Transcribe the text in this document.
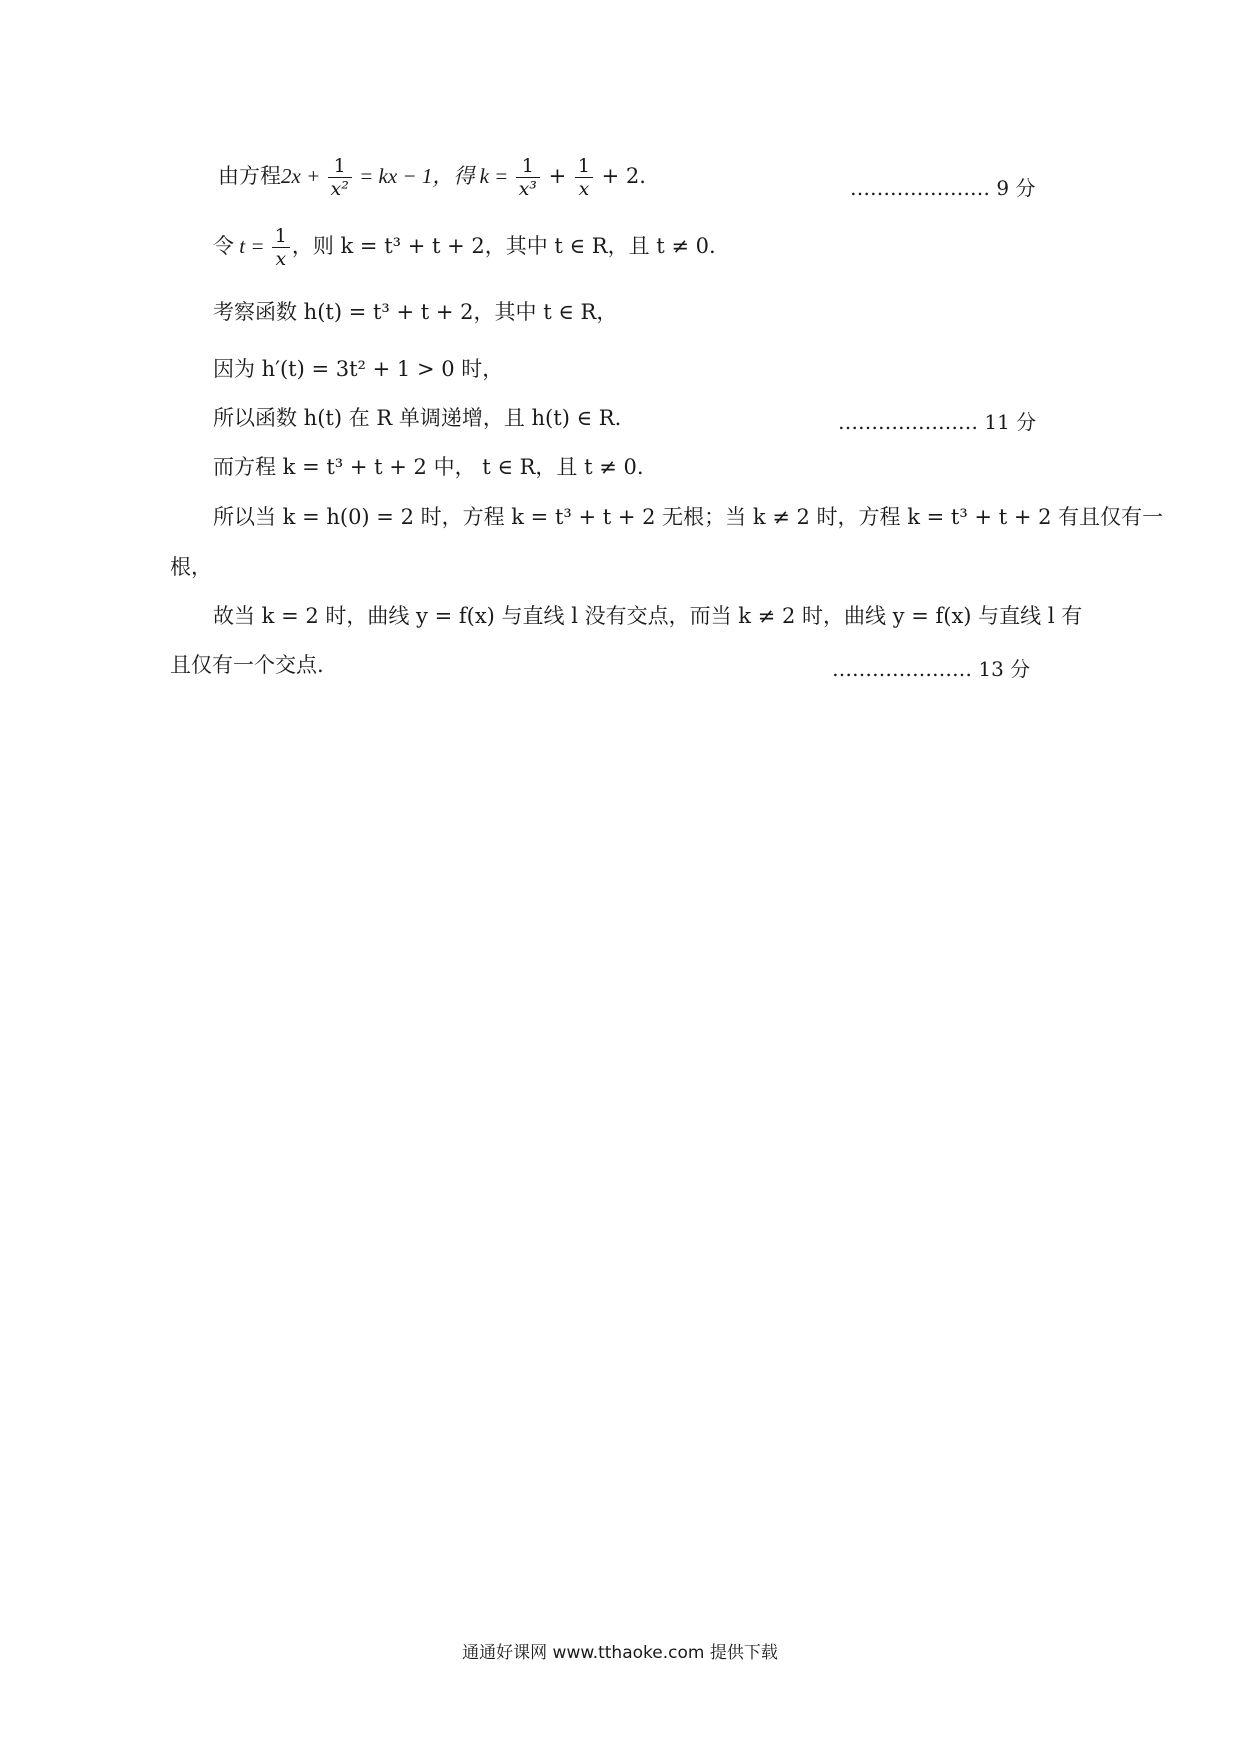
由方程$2x + \frac{1}{\text{x²}}$ = kx − 1，得 $k = \frac{1}{\text{x³}} + \frac{1}{x} + 2$.	………………… 9 分
令 $t = \frac{1}{x}$ ，则 k = t³ + t + 2，其中 t ∈ R，且 t ≠ 0.
考察函数 h(t) = t³ + t + 2，其中 t ∈ R，
因为 h′(t) = 3t² + 1 > 0 时，
所以函数 h(t) 在 R 单调递增，且 h(t) ∈ R.	………………… 11 分
而方程 k = t³ + t + 2 中， t ∈ R，且 t ≠ 0.
所以当 k = h(0) = 2 时，方程 k = t³ + t + 2 无根；当 k ≠ 2 时，方程 k = t³ + t + 2 有且仅有一
根，
故当 k = 2 时，曲线 y = f(x) 与直线 l 没有交点，而当 k ≠ 2 时，曲线 y = f(x) 与直线 l 有
且仅有一个交点.	………………… 13 分
通通好课网 www.tthaoke.com 提供下载
